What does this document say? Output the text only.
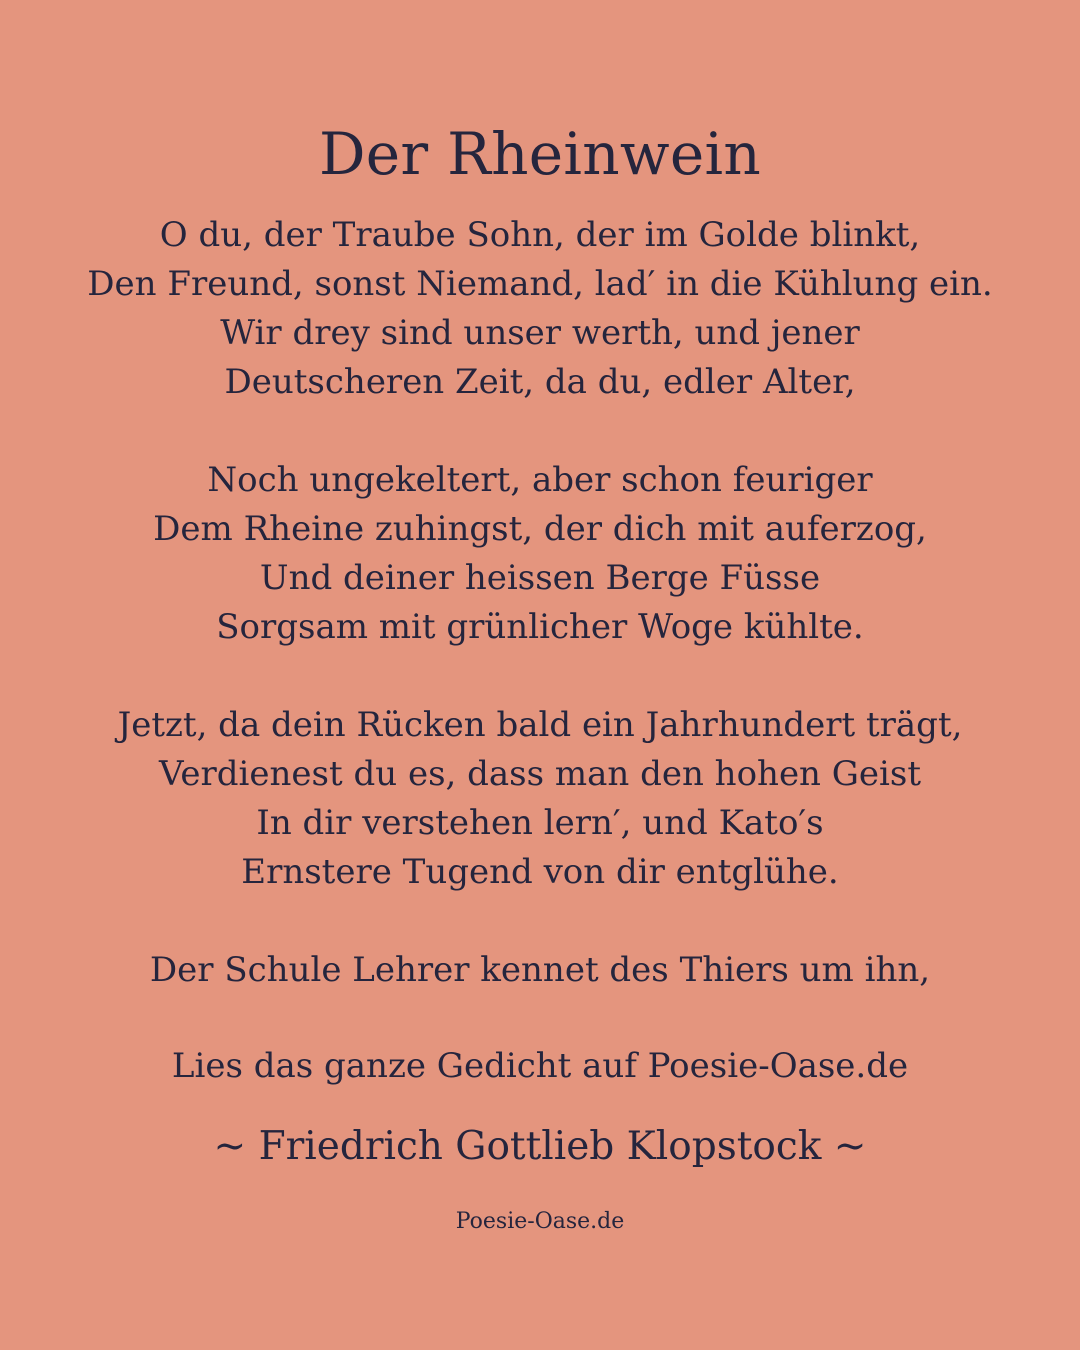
Der Rheinwein
O du, der Traube Sohn, der im Golde blinkt,
Den Freund, sonst Niemand, lad′ in die Kühlung ein.
Wir drey sind unser werth, und jener
Deutscheren Zeit, da du, edler Alter,
Noch ungekeltert, aber schon feuriger
Dem Rheine zuhingst, der dich mit auferzog,
Und deiner heissen Berge Füsse
Sorgsam mit grünlicher Woge kühlte.
Jetzt, da dein Rücken bald ein Jahrhundert trägt,
Verdienest du es, dass man den hohen Geist
In dir verstehen lern′, und Kato′s
Ernstere Tugend von dir entglühe.
Der Schule Lehrer kennet des Thiers um ihn,
Lies das ganze Gedicht auf Poesie-Oase.de
~ Friedrich Gottlieb Klopstock ~
Poesie-Oase.de
